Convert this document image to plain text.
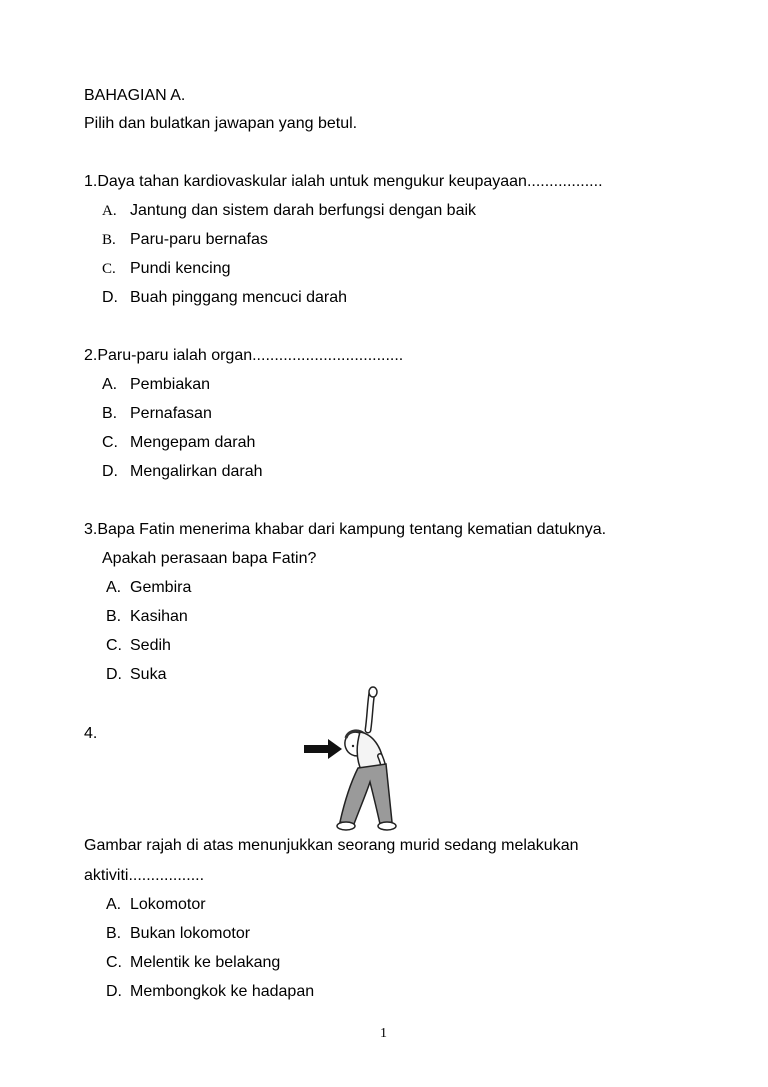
BAHAGIAN A.
Pilih dan bulatkan jawapan yang betul.
1.Daya tahan kardiovaskular ialah untuk mengukur keupayaan.................
A. Jantung dan sistem darah berfungsi dengan baik
B. Paru-paru bernafas
C. Pundi kencing
D. Buah pinggang mencuci darah
2.Paru-paru ialah organ..................................
A. Pembiakan
B. Pernafasan
C. Mengepam darah
D. Mengalirkan darah
3.Bapa Fatin menerima khabar dari kampung tentang kematian datuknya.
Apakah perasaan bapa Fatin?
A. Gembira
B. Kasihan
C. Sedih
D. Suka
4.
Gambar rajah di atas menunjukkan seorang murid sedang melakukan
aktiviti.................
A. Lokomotor
B. Bukan lokomotor
C. Melentik ke belakang
D. Membongkok ke hadapan
1
